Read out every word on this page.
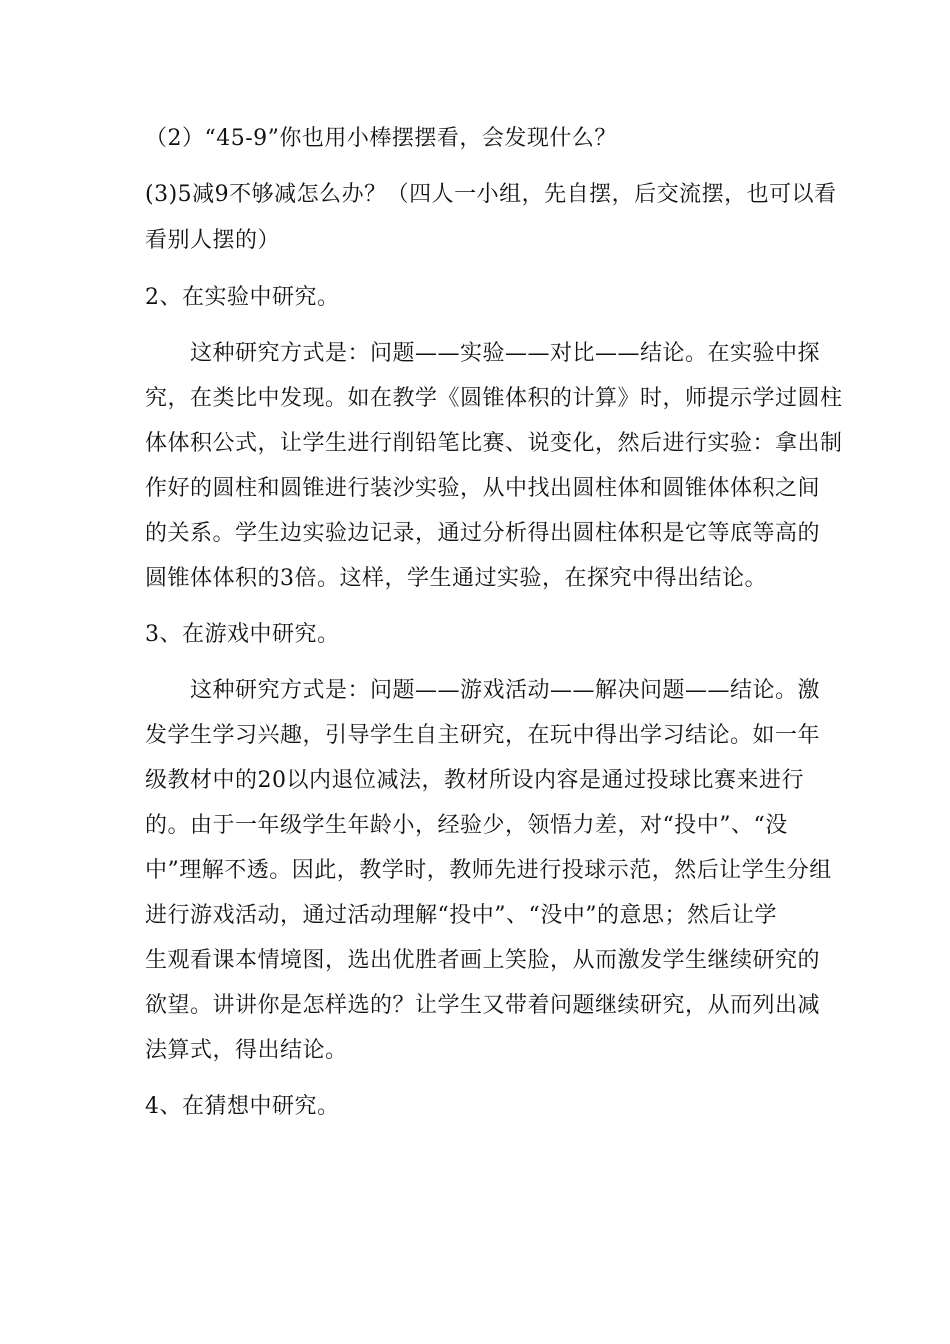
（2）“45-9”你也用小棒摆摆看，会发现什么？
(3)5减9不够减怎么办？（四人一小组，先自摆，后交流摆，也可以看
看别人摆的）
2、在实验中研究。
这种研究方式是：问题——实验——对比——结论。在实验中探
究，在类比中发现。如在教学《圆锥体积的计算》时，师提示学过圆柱
体体积公式，让学生进行削铅笔比赛、说变化，然后进行实验：拿出制
作好的圆柱和圆锥进行装沙实验，从中找出圆柱体和圆锥体体积之间
的关系。学生边实验边记录，通过分析得出圆柱体积是它等底等高的
圆锥体体积的3倍。这样，学生通过实验，在探究中得出结论。
3、在游戏中研究。
这种研究方式是：问题——游戏活动——解决问题——结论。激
发学生学习兴趣，引导学生自主研究，在玩中得出学习结论。如一年
级教材中的20以内退位减法，教材所设内容是通过投球比赛来进行
的。由于一年级学生年龄小，经验少，领悟力差，对“投中”、“没
中”理解不透。因此，教学时，教师先进行投球示范，然后让学生分组
进行游戏活动，通过活动理解“投中”、“没中”的意思；然后让学
生观看课本情境图，选出优胜者画上笑脸，从而激发学生继续研究的
欲望。讲讲你是怎样选的？让学生又带着问题继续研究，从而列出减
法算式，得出结论。
4、在猜想中研究。
